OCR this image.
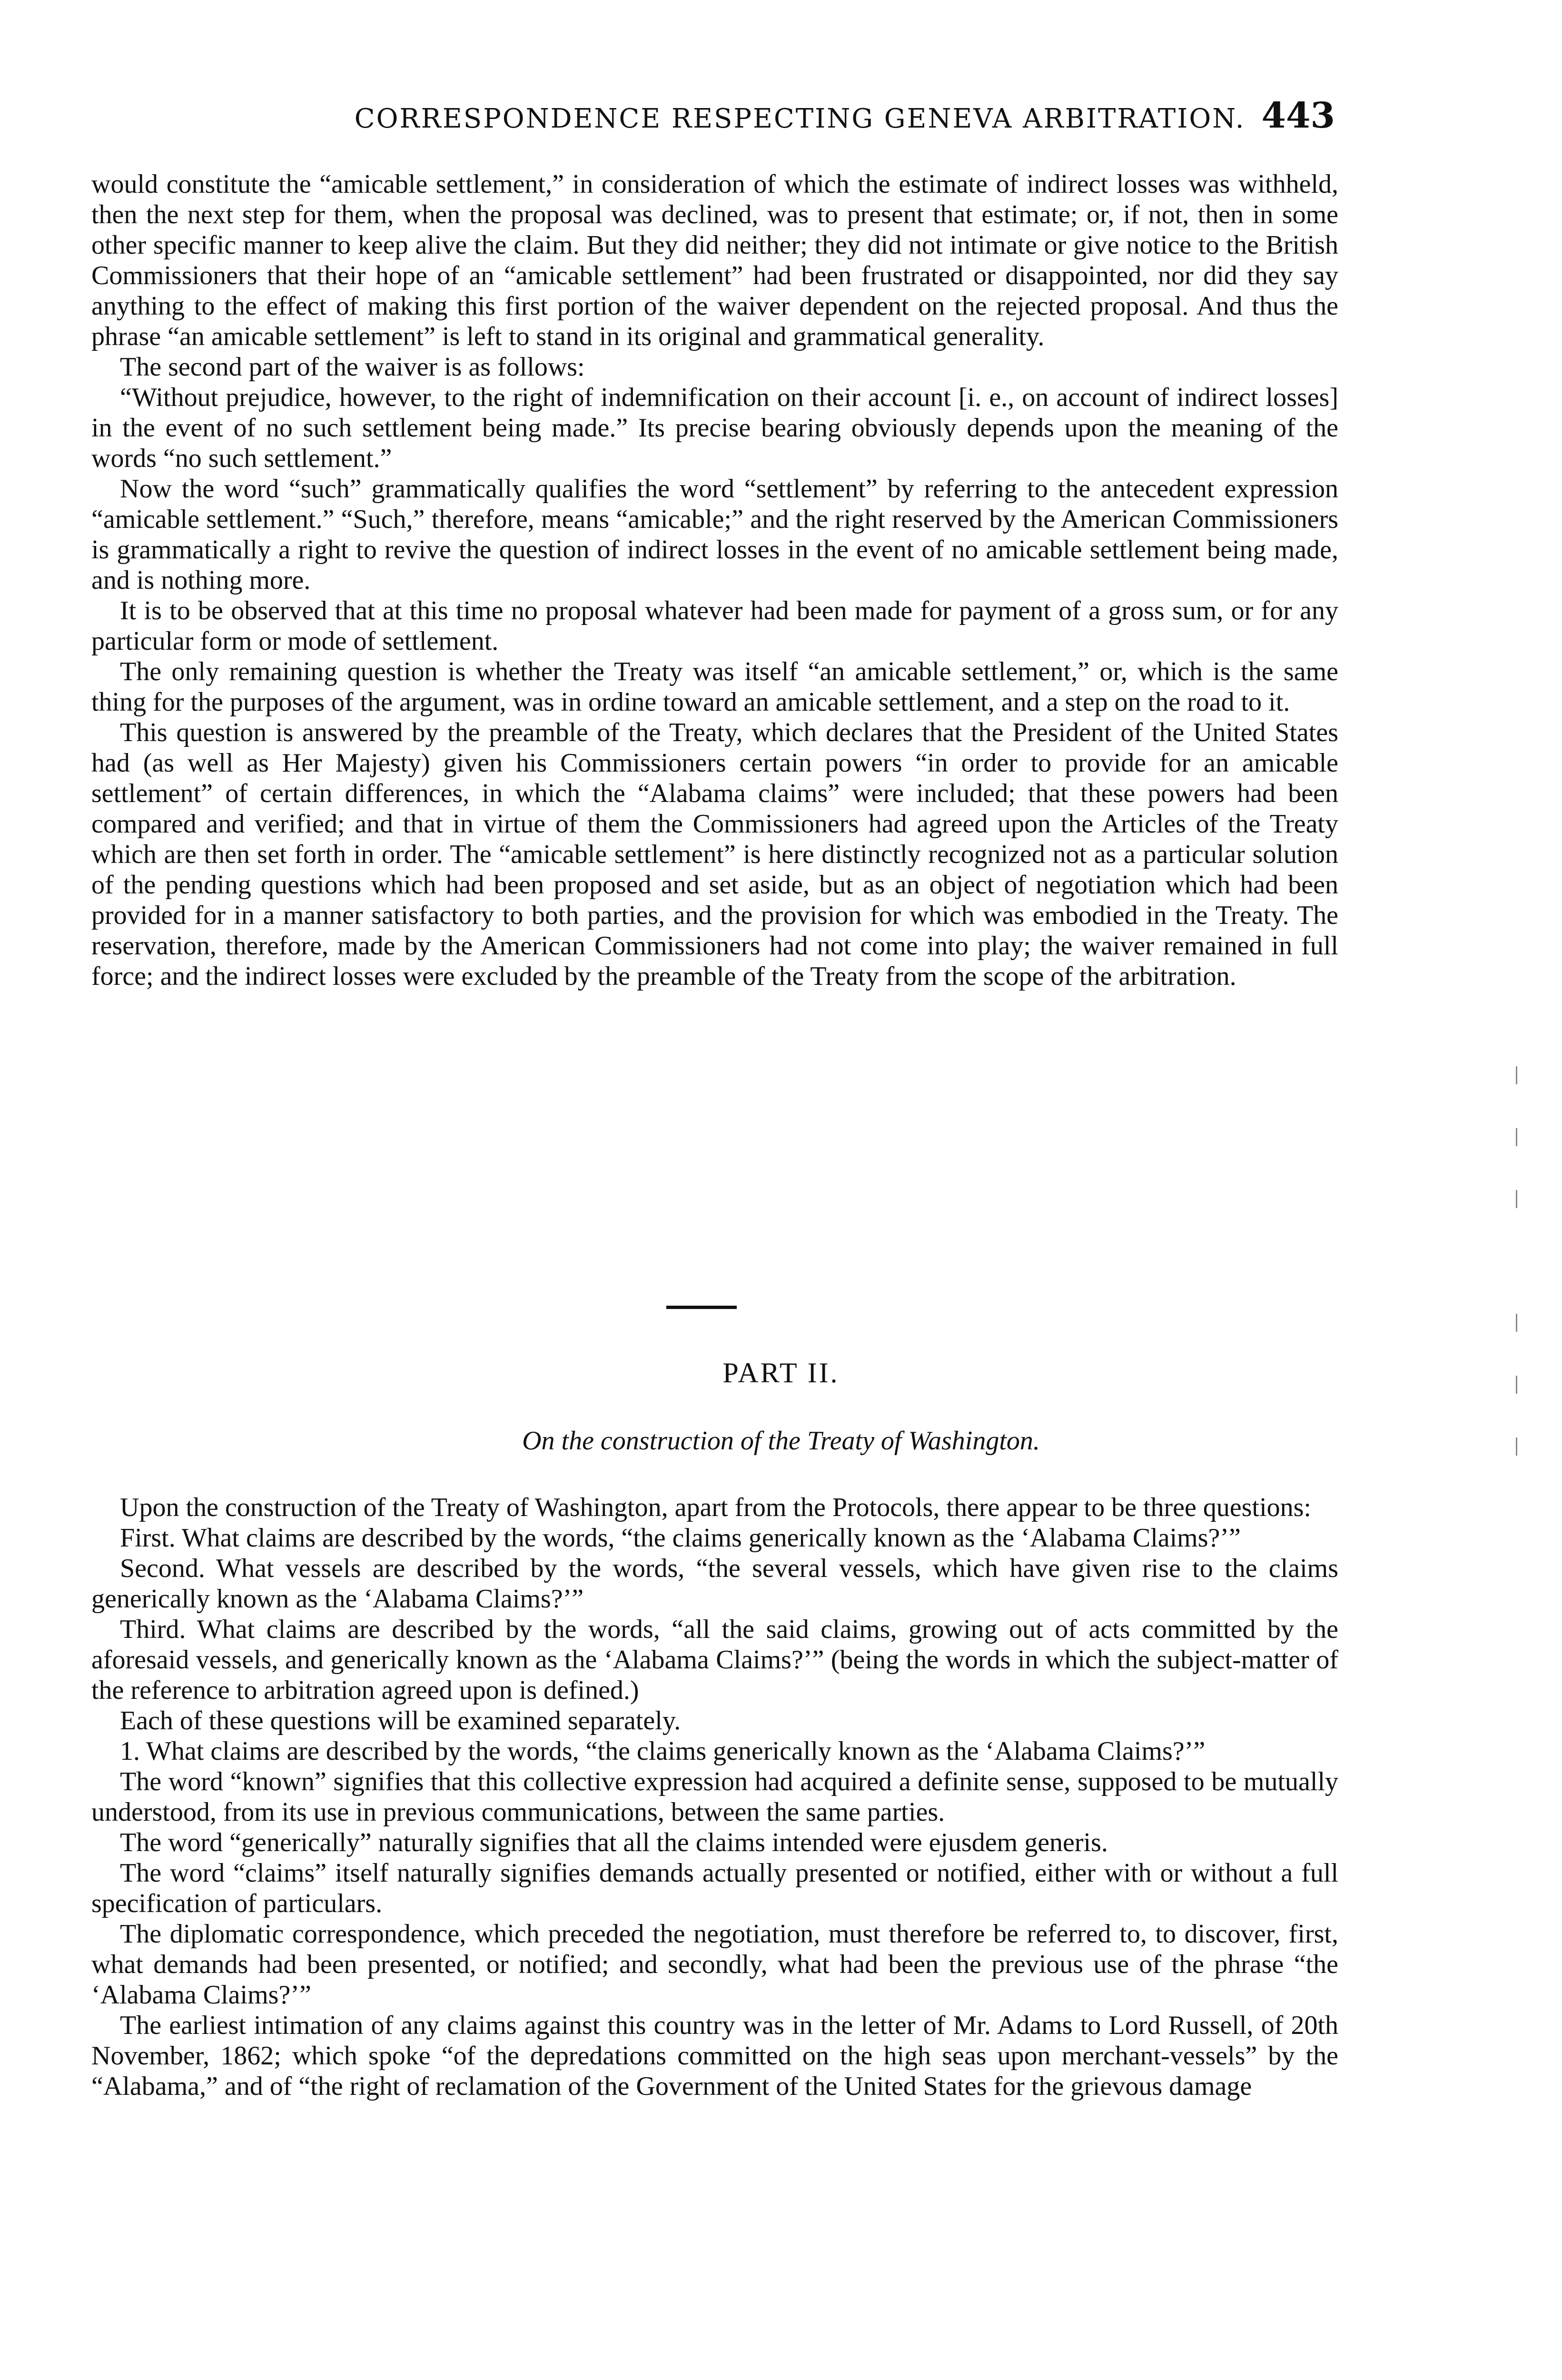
CORRESPONDENCE RESPECTING GENEVA ARBITRATION. 443

would constitute the “amicable settlement,” in consideration of which the estimate of indirect losses was withheld, then the next step for them, when the proposal was declined, was to present that estimate; or, if not, then in some other specific manner to keep alive the claim. But they did neither; they did not intimate or give notice to the British Commissioners that their hope of an “amicable settlement” had been frustrated or disappointed, nor did they say anything to the effect of making this first portion of the waiver dependent on the rejected proposal. And thus the phrase “an amicable settlement” is left to stand in its original and grammatical generality.

The second part of the waiver is as follows:

“Without prejudice, however, to the right of indemnification on their account [i. e., on account of indirect losses] in the event of no such settlement being made.” Its precise bearing obviously depends upon the meaning of the words “no such settlement.”

Now the word “such” grammatically qualifies the word “settlement” by referring to the antecedent expression “amicable settlement.” “Such,” therefore, means “amicable;” and the right reserved by the American Commissioners is grammatically a right to revive the question of indirect losses in the event of no amicable settlement being made, and is nothing more.

It is to be observed that at this time no proposal whatever had been made for payment of a gross sum, or for any particular form or mode of settlement.

The only remaining question is whether the Treaty was itself “an amicable settlement,” or, which is the same thing for the purposes of the argument, was in ordine toward an amicable settlement, and a step on the road to it.

This question is answered by the preamble of the Treaty, which declares that the President of the United States had (as well as Her Majesty) given his Commissioners certain powers “in order to provide for an amicable settlement” of certain differences, in which the “Alabama claims” were included; that these powers had been compared and verified; and that in virtue of them the Commissioners had agreed upon the Articles of the Treaty which are then set forth in order. The “amicable settlement” is here distinctly recognized not as a particular solution of the pending questions which had been proposed and set aside, but as an object of negotiation which had been provided for in a manner satisfactory to both parties, and the provision for which was embodied in the Treaty. The reservation, therefore, made by the American Commissioners had not come into play; the waiver remained in full force; and the indirect losses were excluded by the preamble of the Treaty from the scope of the arbitration.

PART II.
On the construction of the Treaty of Washington.

Upon the construction of the Treaty of Washington, apart from the Protocols, there appear to be three questions:

First. What claims are described by the words, “the claims generically known as the ‘Alabama Claims?’”

Second. What vessels are described by the words, “the several vessels, which have given rise to the claims generically known as the ‘Alabama Claims?’”

Third. What claims are described by the words, “all the said claims, growing out of acts committed by the aforesaid vessels, and generically known as the ‘Alabama Claims?’” (being the words in which the subject-matter of the reference to arbitration agreed upon is defined.)

Each of these questions will be examined separately.

1. What claims are described by the words, “the claims generically known as the ‘Alabama Claims?’”

The word “known” signifies that this collective expression had acquired a definite sense, supposed to be mutually understood, from its use in previous communications, between the same parties.

The word “generically” naturally signifies that all the claims intended were ejusdem generis.

The word “claims” itself naturally signifies demands actually presented or notified, either with or without a full specification of particulars.

The diplomatic correspondence, which preceded the negotiation, must therefore be referred to, to discover, first, what demands had been presented, or notified; and secondly, what had been the previous use of the phrase “the ‘Alabama Claims?’”

The earliest intimation of any claims against this country was in the letter of Mr. Adams to Lord Russell, of 20th November, 1862; which spoke “of the depredations committed on the high seas upon merchant-vessels” by the “Alabama,” and of “the right of reclamation of the Government of the United States for the grievous damage
